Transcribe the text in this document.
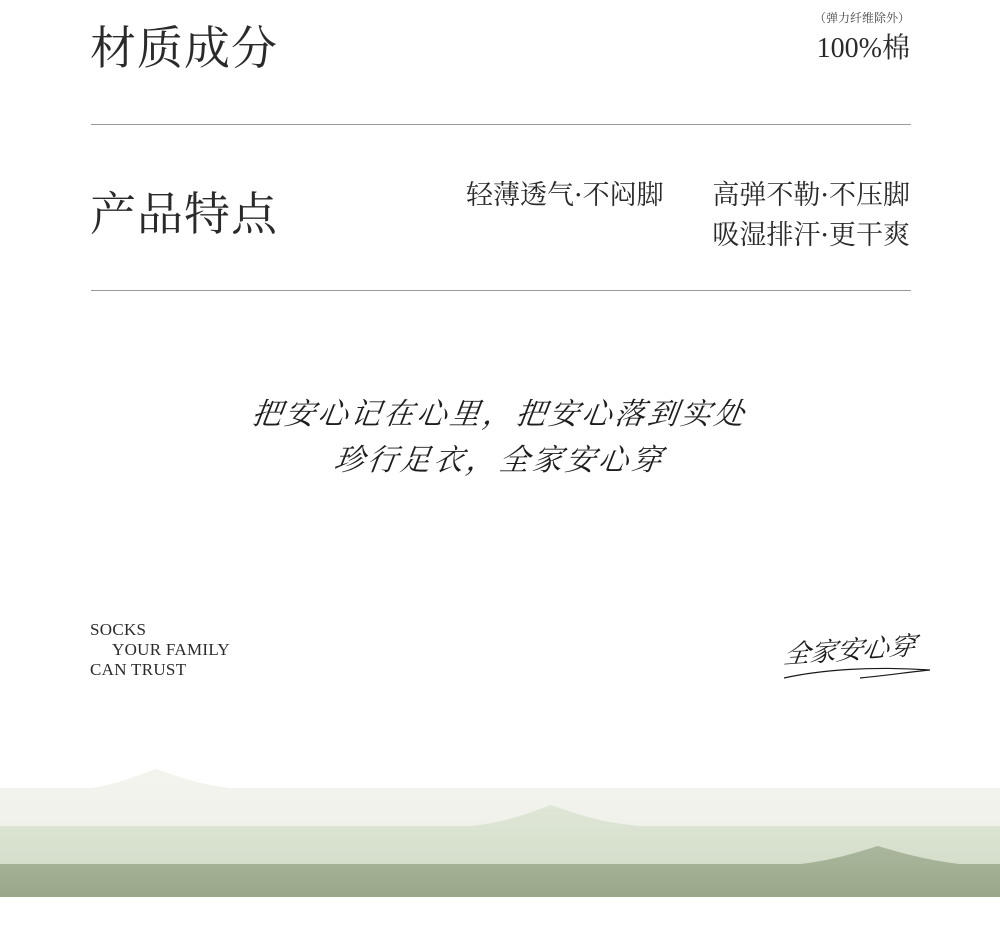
材质成分
（弹力纤维除外）
100%棉
产品特点	轻薄透气·不闷脚 高弹不勒·不压脚
吸湿排汗·更干爽
把安心记在心里，把安心落到实处
珍行足衣，全家安心穿
SOCKS
YOUR FAMILY
CAN TRUST	全家安心穿
